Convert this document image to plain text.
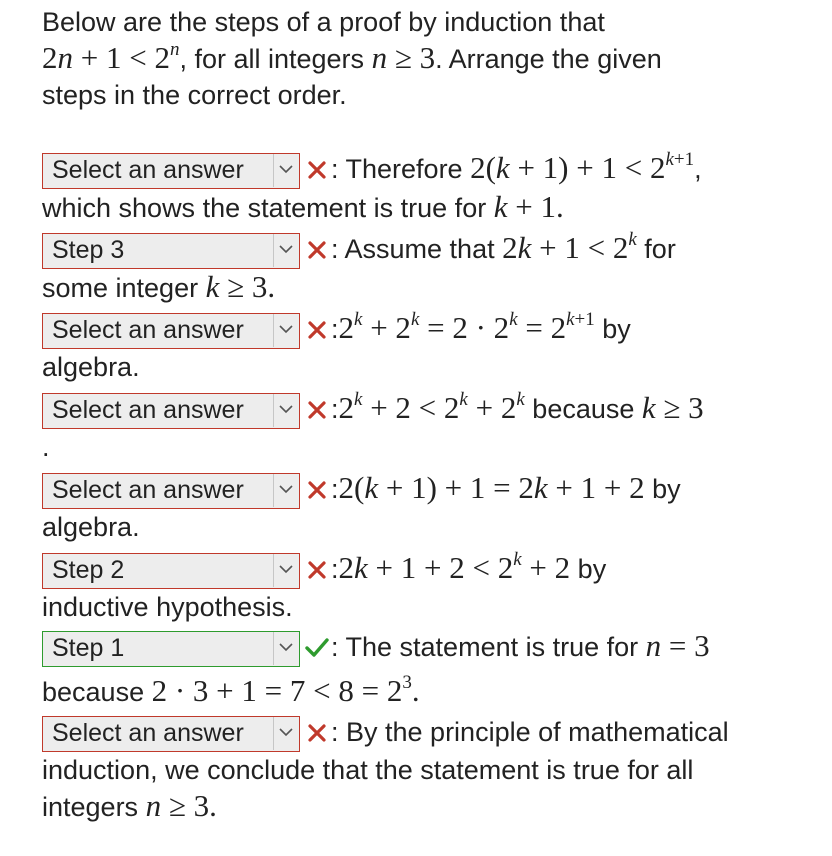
Below are the steps of a proof by induction that
$2n + 1 < 2^n$, for all integers n ≥ 3. Arrange the given
steps in the correct order.
Select an answer	: Therefore $2(k + 1) + 1 < 2^{k+1}$,
which shows the statement is true for k + 1.
Step 3	: Assume that $2k + 1 < 2^k$ for
some integer k ≥ 3.
Select an answer	$:2^k + 2^k = 2 \cdot 2^k = 2^{k+1}$ by
algebra.
Select an answer	$:2^k + 2 < 2^k + 2^k$ because k ≥ 3
.
Select an answer	:2(k + 1) + 1 = 2k + 1 + 2 by
algebra.
Step 2	:2k + $1 + 2 < 2^k + 2$ by
inductive hypothesis.
Step 1	: The statement is true for n = 3
because $2 \cdot 3 + 1 = 7 < 8 = 2^3$.
Select an answer	: By the principle of mathematical
induction, we conclude that the statement is true for all
integers n ≥ 3.
